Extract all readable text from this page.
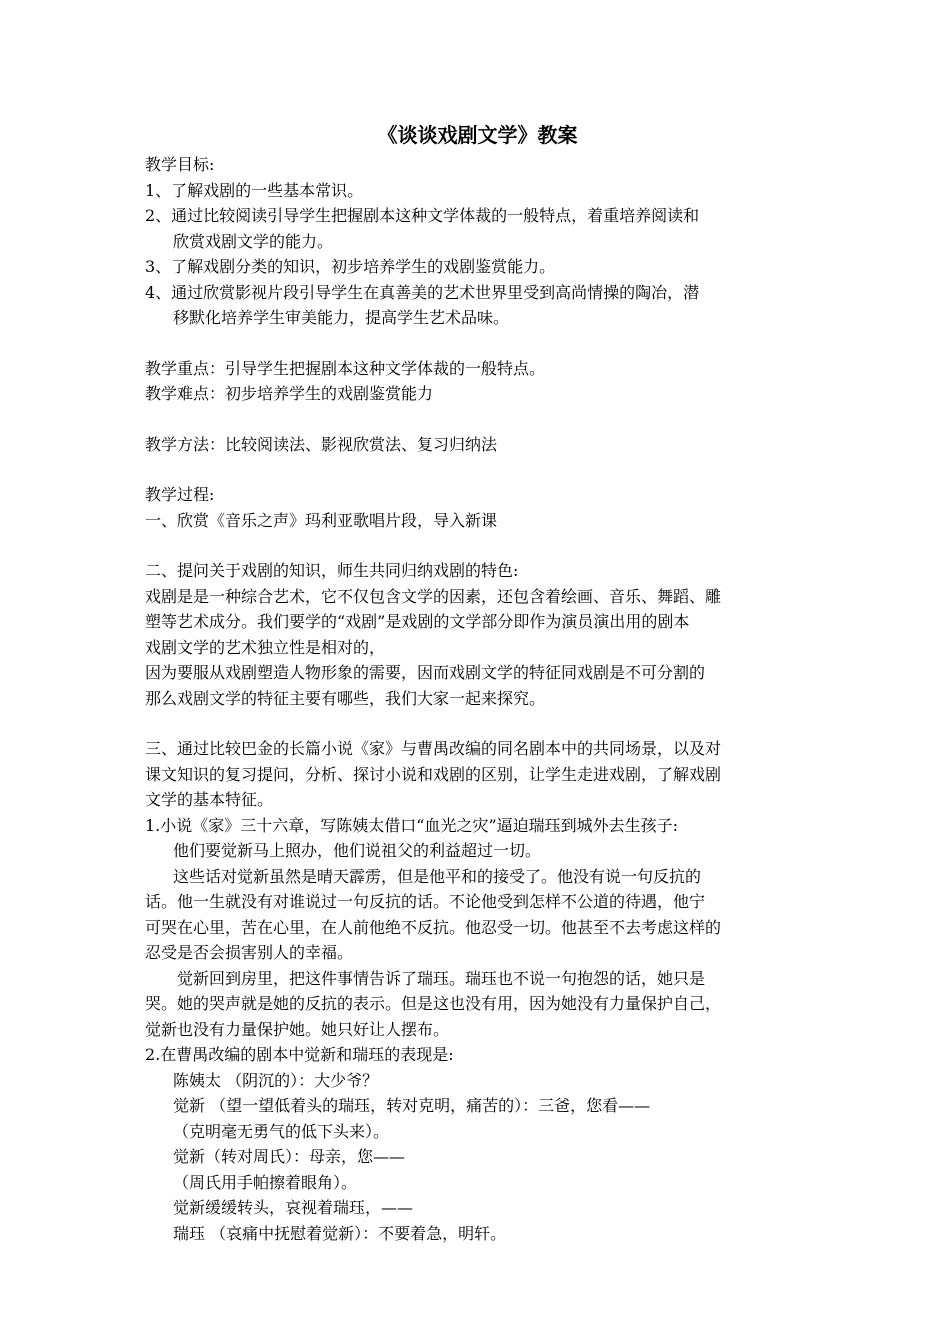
《谈谈戏剧文学》教案
教学目标:
1、了解戏剧的一些基本常识。
2、通过比较阅读引导学生把握剧本这种文学体裁的一般特点，着重培养阅读和
欣赏戏剧文学的能力。
3、了解戏剧分类的知识，初步培养学生的戏剧鉴赏能力。
4、通过欣赏影视片段引导学生在真善美的艺术世界里受到高尚情操的陶冶，潜
移默化培养学生审美能力，提高学生艺术品味。
教学重点：引导学生把握剧本这种文学体裁的一般特点。
教学难点：初步培养学生的戏剧鉴赏能力
教学方法：比较阅读法、影视欣赏法、复习归纳法
教学过程:
一、欣赏《音乐之声》玛利亚歌唱片段，导入新课
二、提问关于戏剧的知识，师生共同归纳戏剧的特色:
戏剧是是一种综合艺术，它不仅包含文学的因素，还包含着绘画、音乐、舞蹈、雕
塑等艺术成分。我们要学的“戏剧”是戏剧的文学部分即作为演员演出用的剧本
戏剧文学的艺术独立性是相对的，
因为要服从戏剧塑造人物形象的需要，因而戏剧文学的特征同戏剧是不可分割的
那么戏剧文学的特征主要有哪些，我们大家一起来探究。
三、通过比较巴金的长篇小说《家》与曹禺改编的同名剧本中的共同场景，以及对
课文知识的复习提问，分析、探讨小说和戏剧的区别，让学生走进戏剧，了解戏剧
文学的基本特征。
1.小说《家》三十六章，写陈姨太借口“血光之灾”逼迫瑞珏到城外去生孩子:
他们要觉新马上照办，他们说祖父的利益超过一切。
这些话对觉新虽然是晴天霹雳，但是他平和的接受了。他没有说一句反抗的
话。他一生就没有对谁说过一句反抗的话。不论他受到怎样不公道的待遇，他宁
可哭在心里，苦在心里，在人前他绝不反抗。他忍受一切。他甚至不去考虑这样的
忍受是否会损害别人的幸福。
觉新回到房里，把这件事情告诉了瑞珏。瑞珏也不说一句抱怨的话，她只是
哭。她的哭声就是她的反抗的表示。但是这也没有用，因为她没有力量保护自己，
觉新也没有力量保护她。她只好让人摆布。
2.在曹禺改编的剧本中觉新和瑞珏的表现是:
陈姨太 （阴沉的）：大少爷？
觉新 （望一望低着头的瑞珏，转对克明，痛苦的）：三爸，您看——
（克明毫无勇气的低下头来）。
觉新（转对周氏）：母亲，您——
（周氏用手帕擦着眼角）。
觉新缓缓转头，哀视着瑞珏，——
瑞珏 （哀痛中抚慰着觉新）：不要着急，明轩。
